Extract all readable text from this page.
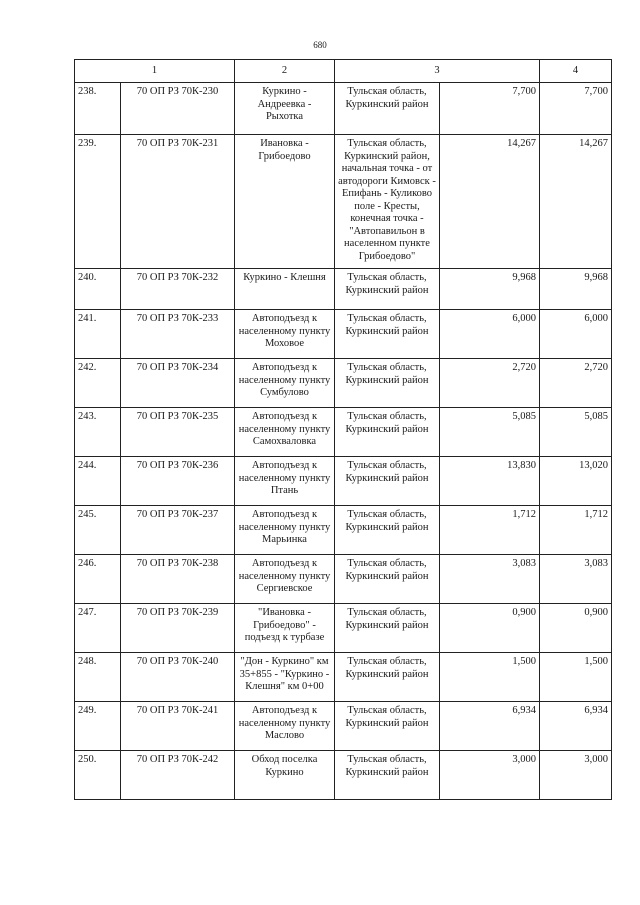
680
1		2	3		4
238.	70 ОП РЗ 70К-230	Куркино - Андреевка - Рыхотка	Тульская область, Куркинский район	7,700	7,700
239.	70 ОП РЗ 70К-231	Ивановка - Грибоедово	Тульская область, Куркинский район, начальная точка - от автодороги Кимовск - Епифань - Куликово поле - Кресты, конечная точка - "Автопавильон в населенном пункте Грибоедово"	14,267	14,267
240.	70 ОП РЗ 70К-232	Куркино - Клешня	Тульская область, Куркинский район	9,968	9,968
241.	70 ОП РЗ 70К-233	Автоподъезд к населенному пункту Моховое	Тульская область, Куркинский район	6,000	6,000
242.	70 ОП РЗ 70К-234	Автоподъезд к населенному пункту Сумбулово	Тульская область, Куркинский район	2,720	2,720
243.	70 ОП РЗ 70К-235	Автоподъезд к населенному пункту Самохваловка	Тульская область, Куркинский район	5,085	5,085
244.	70 ОП РЗ 70К-236	Автоподъезд к населенному пункту Птань	Тульская область, Куркинский район	13,830	13,020
245.	70 ОП РЗ 70К-237	Автоподъезд к населенному пункту Марьинка	Тульская область, Куркинский район	1,712	1,712
246.	70 ОП РЗ 70К-238	Автоподъезд к населенному пункту Сергиевское	Тульская область, Куркинский район	3,083	3,083
247.	70 ОП РЗ 70К-239	"Ивановка - Грибоедово" - подъезд к турбазе	Тульская область, Куркинский район	0,900	0,900
248.	70 ОП РЗ 70К-240	"Дон - Куркино" км 35+855 - "Куркино - Клешня" км 0+00	Тульская область, Куркинский район	1,500	1,500
249.	70 ОП РЗ 70К-241	Автоподъезд к населенному пункту Маслово	Тульская область, Куркинский район	6,934	6,934
250.	70 ОП РЗ 70К-242	Обход поселка Куркино	Тульская область, Куркинский район	3,000	3,000
